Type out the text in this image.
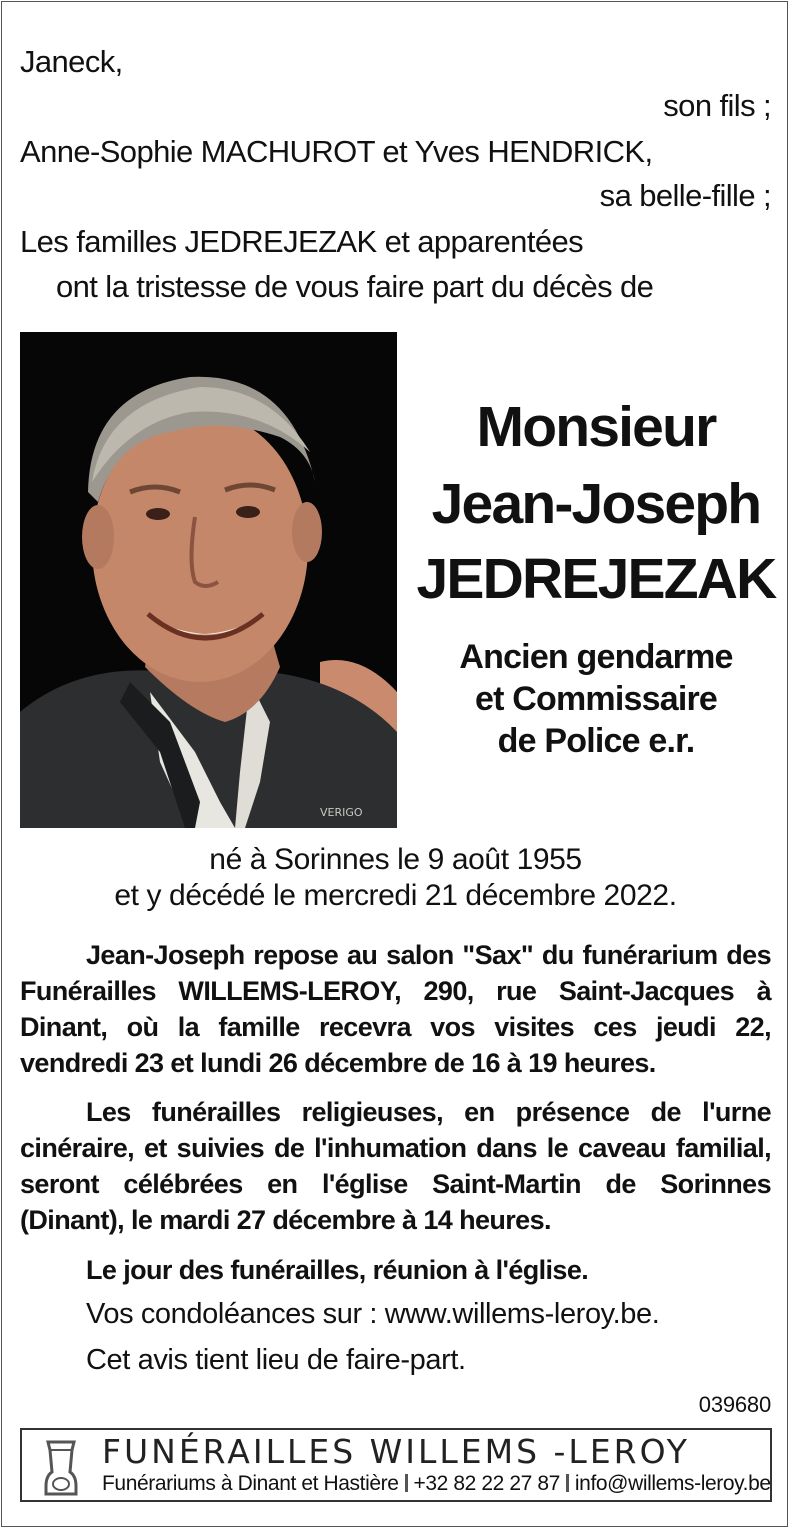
Janeck,
son fils ;
Anne-Sophie MACHUROT et Yves HENDRICK,
sa belle-fille ;
Les familles JEDREJEZAK et apparentées
ont la tristesse de vous faire part du décès de
VERIGO
Monsieur
Jean-Joseph
JEDREJEZAK
Ancien gendarme
et Commissaire
de Police e.r.
né à Sorinnes le 9 août 1955
et y décédé le mercredi 21 décembre 2022.
Jean-Joseph repose au salon "Sax" du funérarium des Funérailles WILLEMS-LEROY, 290, rue Saint-Jacques à Dinant, où la famille recevra vos visites ces jeudi 22, vendredi 23 et lundi 26 décembre de 16 à 19 heures.
Les funérailles religieuses, en présence de l'urne cinéraire, et suivies de l'inhumation dans le caveau familial, seront célébrées en l'église Saint-Martin de Sorinnes (Dinant), le mardi 27 décembre à 14 heures.
Le jour des funérailles, réunion à l'église.
Vos condoléances sur : www.willems-leroy.be.
Cet avis tient lieu de faire-part.
039680
FUNÉRAILLES WILLEMS -LEROY
Funérariums à Dinant et Hastière +32 82 22 27 87 info@willems-leroy.be
